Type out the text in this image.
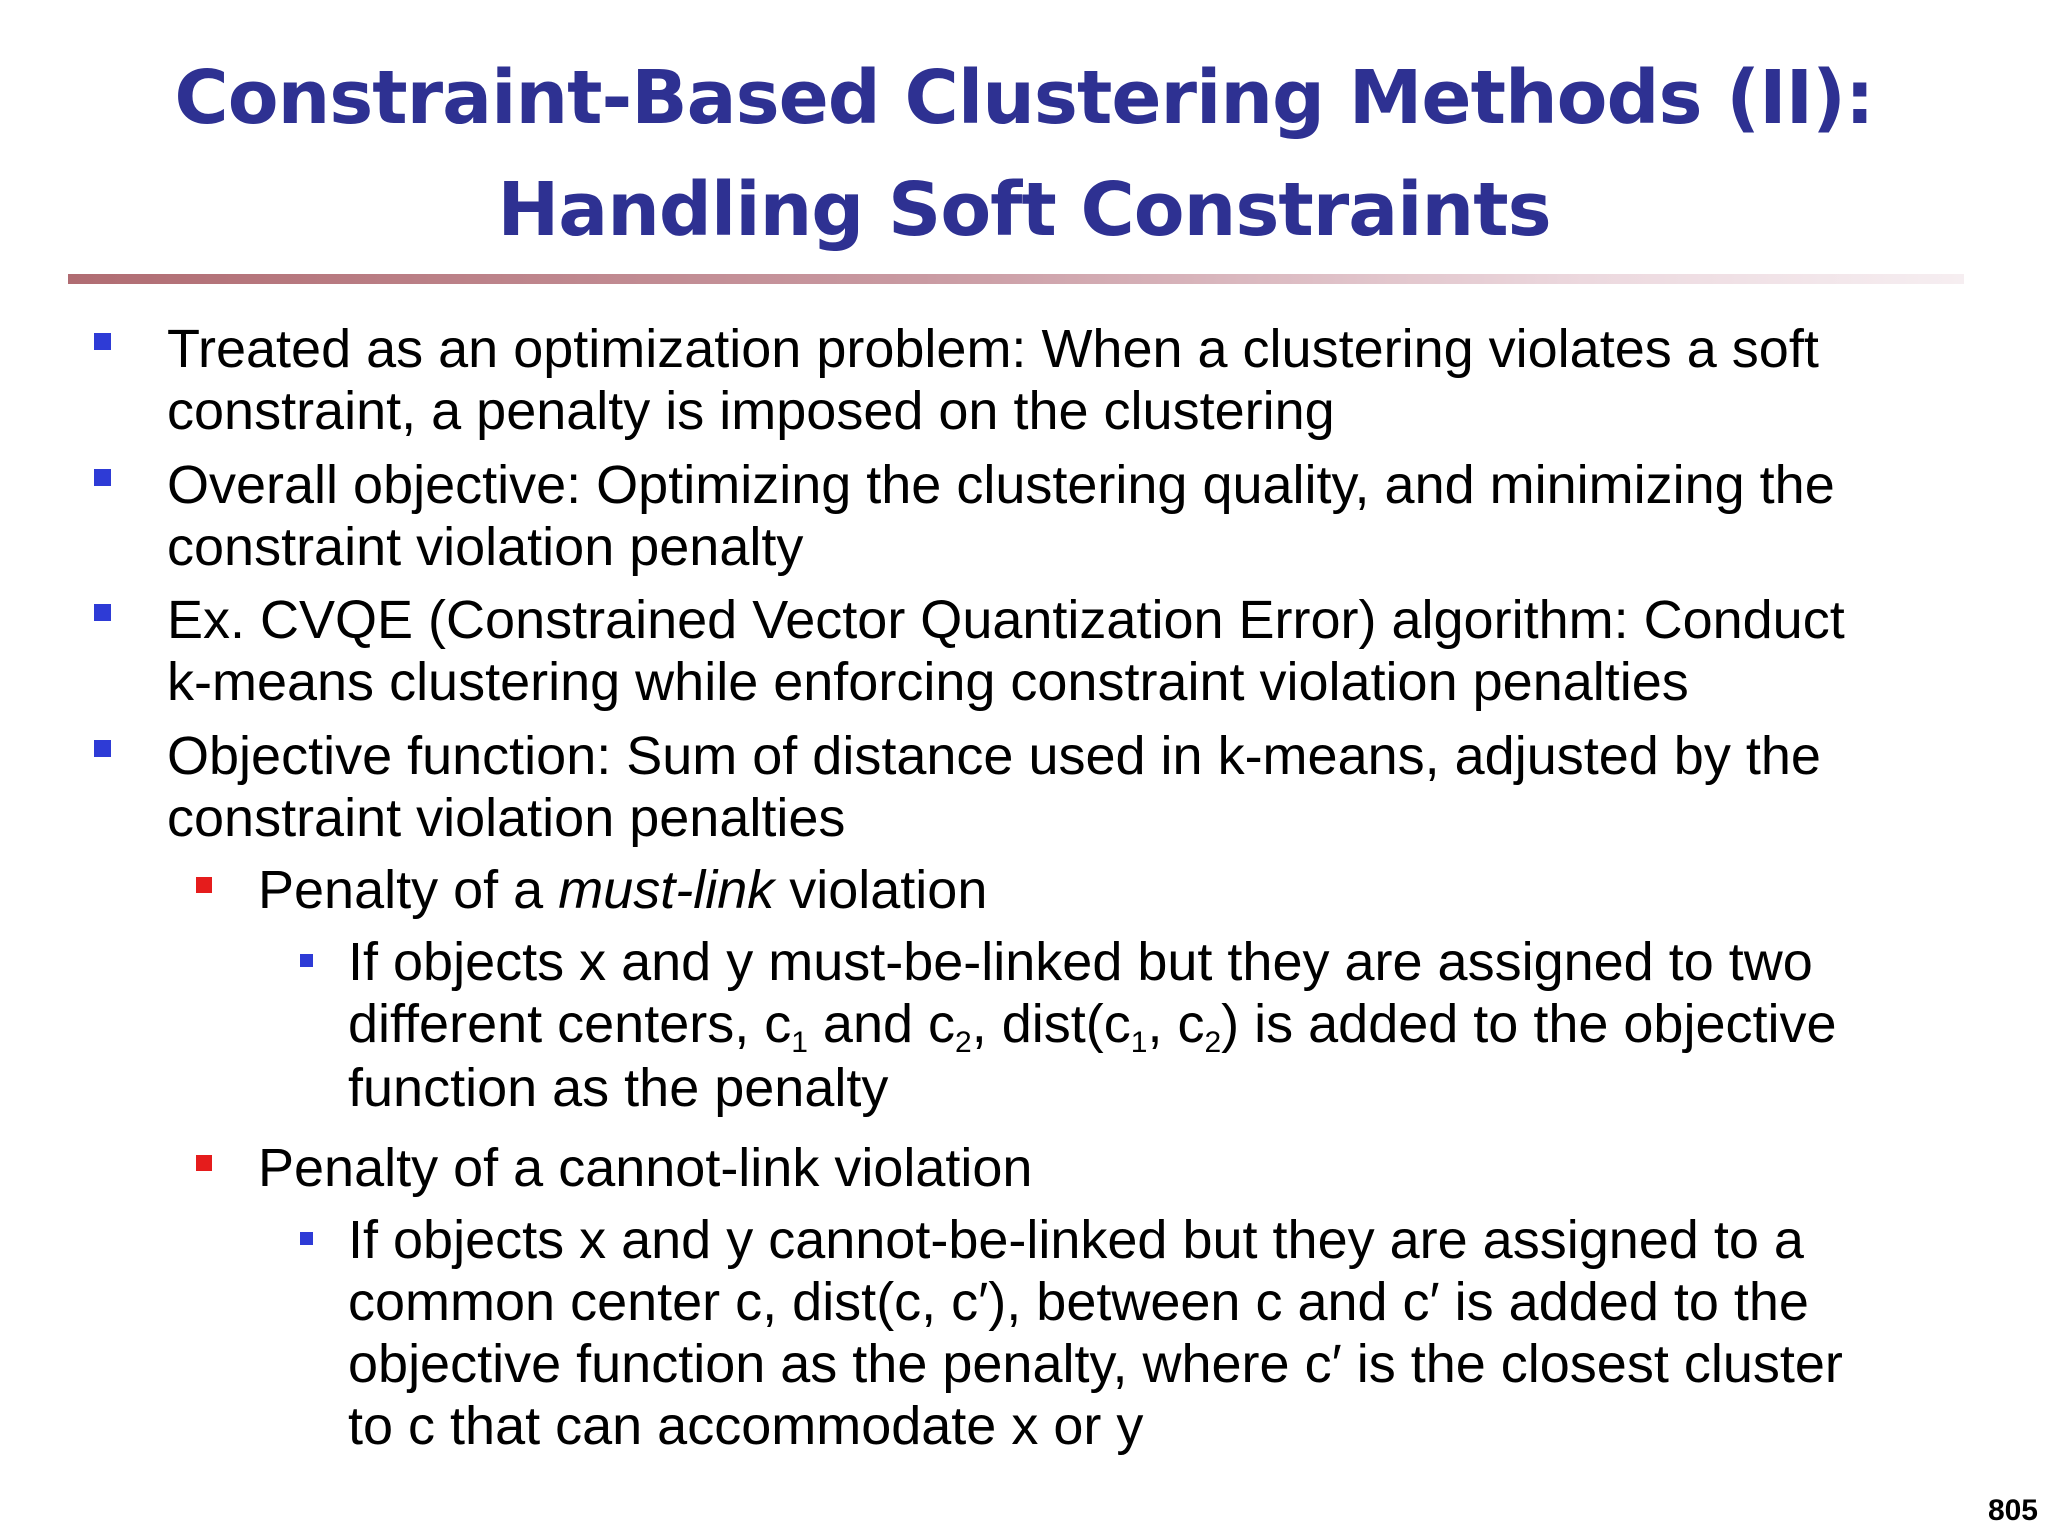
Constraint-Based Clustering Methods (II):
Handling Soft Constraints
Treated as an optimization problem: When a clustering violates a soft
constraint, a penalty is imposed on the clustering
Overall objective: Optimizing the clustering quality, and minimizing the
constraint violation penalty
Ex. CVQE (Constrained Vector Quantization Error) algorithm: Conduct
k-means clustering while enforcing constraint violation penalties
Objective function: Sum of distance used in k-means, adjusted by the
constraint violation penalties
Penalty of a must-link violation
If objects x and y must-be-linked but they are assigned to two
different centers, $c_1$ and $c_2$, $dist(c_1$, $c_2$) is added to the objective
function as the penalty
Penalty of a cannot-link violation
If objects x and y cannot-be-linked but they are assigned to a
common center c, dist(c, c′), between c and c′ is added to the
objective function as the penalty, where c′ is the closest cluster
to c that can accommodate x or y
805
